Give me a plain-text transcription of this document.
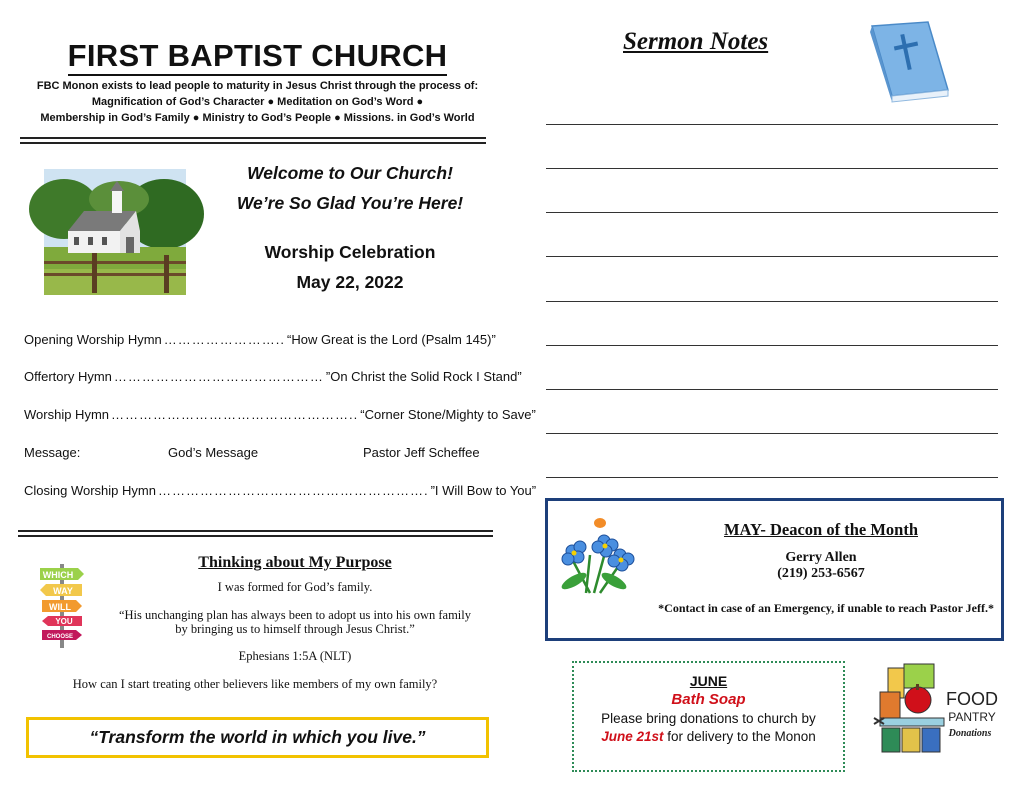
FIRST BAPTIST CHURCH
FBC Monon exists to lead people to maturity in Jesus Christ through the process of:
Magnification of God’s Character ● Meditation on God’s Word ●
Membership in God’s Family ● Ministry to God’s People ● Missions. in God’s World
Welcome to Our Church!
We’re So Glad You’re Here!
Worship Celebration
May 22, 2022
Opening Worship Hymn …………………….. “How Great is the Lord (Psalm 145)”
Offertory Hymn ……………………………………… ”On Christ the Solid Rock I Stand”
Worship Hymn …………………………………………….. “Corner Stone/Mighty to Save”
Message:	God’s Message	Pastor Jeff Scheffee
Closing Worship Hymn …………………………………………………. ”I Will Bow to You”
WHICH
WAY
WILL
YOU
CHOOSE
Thinking about My Purpose
I was formed for God’s family.
“His unchanging plan has always been to adopt us into his own family
by bringing us to himself through Jesus Christ.”
Ephesians 1:5A (NLT)
How can I start treating other believers like members of my own family?
“Transform the world in which you live.”
Sermon Notes
MAY- Deacon of the Month
Gerry Allen
(219) 253-6567
*Contact in case of an Emergency, if unable to reach Pastor Jeff.*
JUNE
Bath Soap
Please bring donations to church by
June 21st for delivery to the Monon
FOOD
PANTRY
Donations
